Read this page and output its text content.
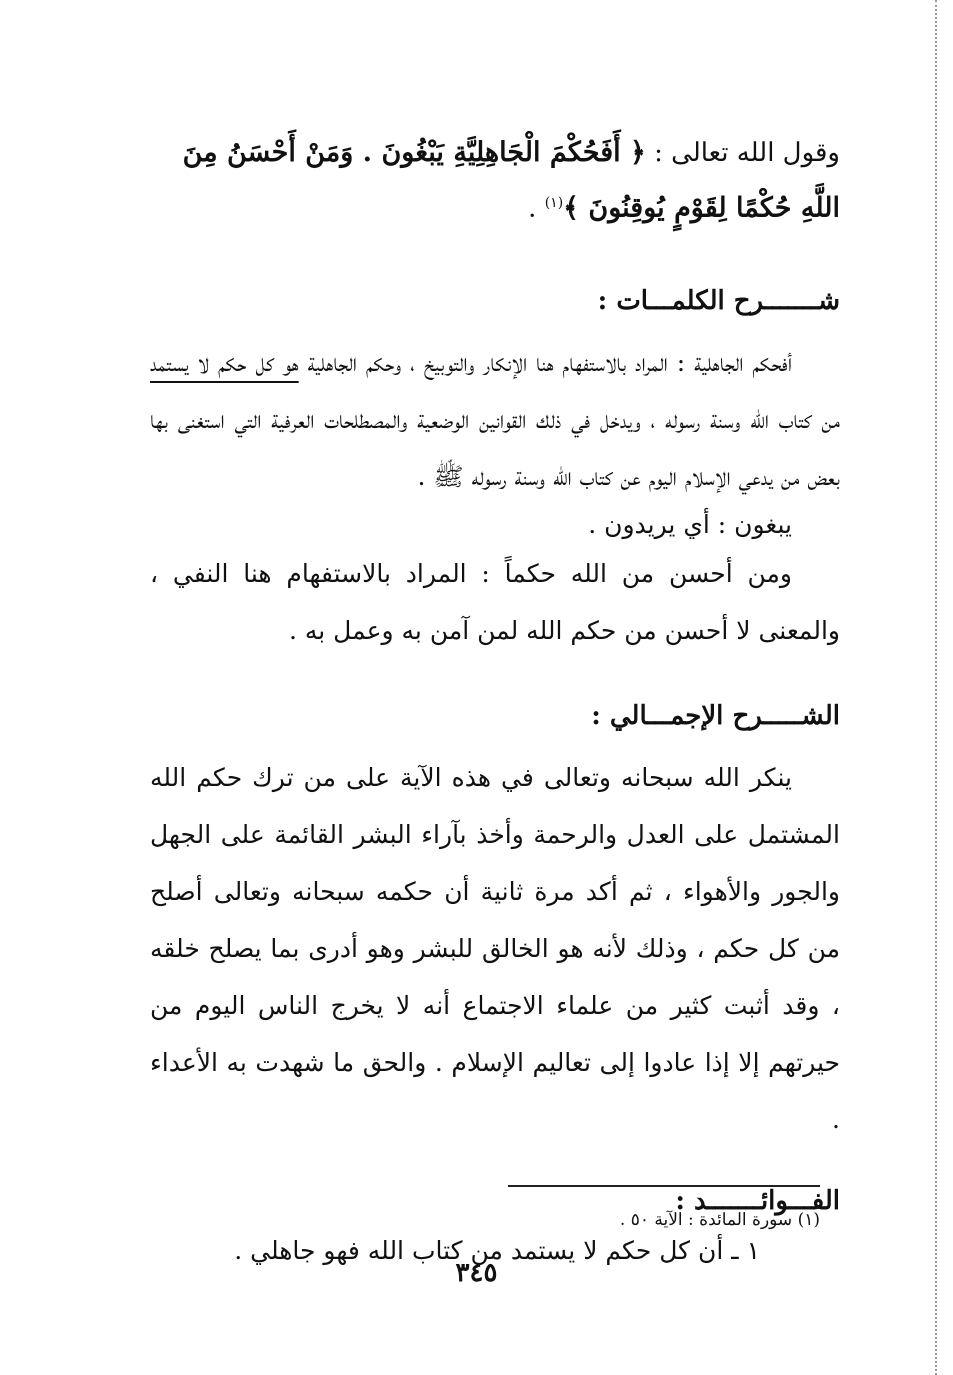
وقول الله تعالى : ﴿ أَفَحُكْمَ الْجَاهِلِيَّةِ يَبْغُونَ . وَمَنْ أَحْسَنُ مِنَ اللَّهِ حُكْمًا لِقَوْمٍ يُوقِنُونَ ﴾$^{(١)}$ .
شـــــــرح الكلمـــات :
أفحكم الجاهلية : المراد بالاستفهام هنا الإنكار والتوبيخ ، وحكم الجاهلية هو كل حكم لا يستمد من كتاب الله وسنة رسوله ، ويدخل في ذلك القوانين الوضعية والمصطلحات العرفية التي استغنى بها بعض من يدعي الإسلام اليوم عن كتاب الله وسنة رسوله ﷺ .
يبغون : أي يريدون .
ومن أحسن من الله حكماً : المراد بالاستفهام هنا النفي ، والمعنى لا أحسن من حكم الله لمن آمن به وعمل به .
الشـــــرح الإجمـــالي :
ينكر الله سبحانه وتعالى في هذه الآية على من ترك حكم الله المشتمل على العدل والرحمة وأخذ بآراء البشر القائمة على الجهل والجور والأهواء ، ثم أكد مرة ثانية أن حكمه سبحانه وتعالى أصلح من كل حكم ، وذلك لأنه هو الخالق للبشر وهو أدرى بما يصلح خلقه ، وقد أثبت كثير من علماء الاجتماع أنه لا يخرج الناس اليوم من حيرتهم إلا إذا عادوا إلى تعاليم الإسلام . والحق ما شهدت به الأعداء .
الفـــوائـــــــد :
١ ـ أن كل حكم لا يستمد من كتاب الله فهو جاهلي .
(١) سورة المائدة : الآية ٥٠ .
٣٤٥
